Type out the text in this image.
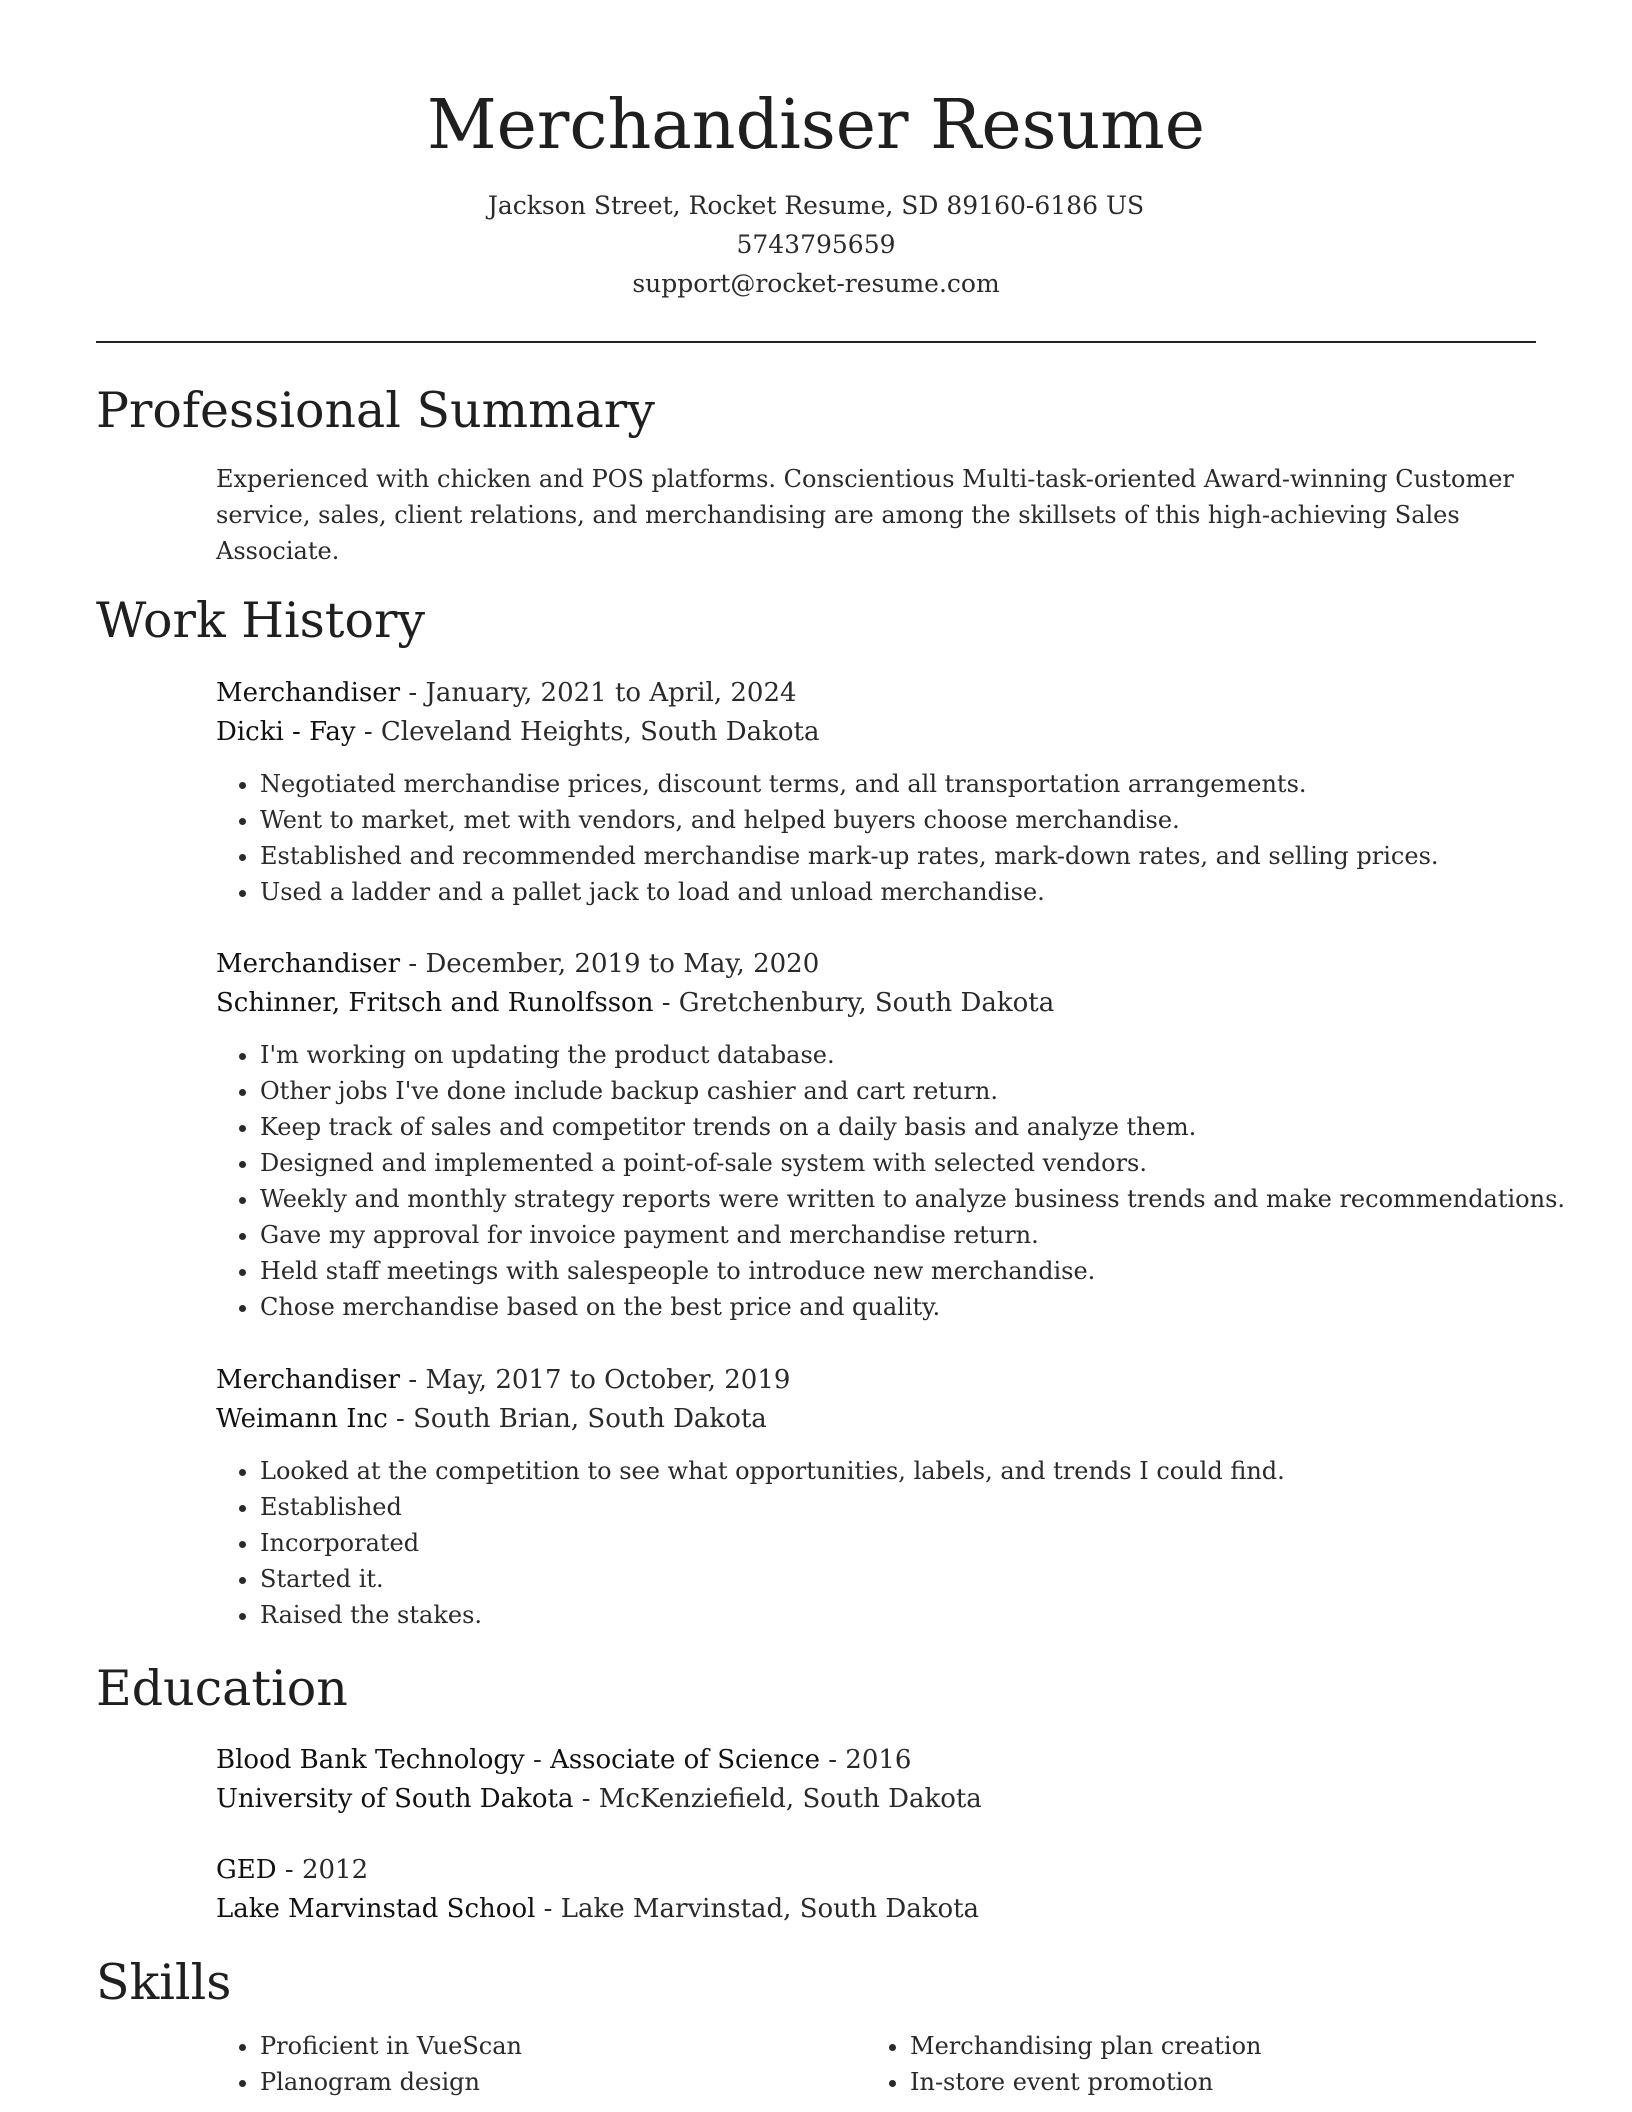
Merchandiser Resume
Jackson Street, Rocket Resume, SD 89160-6186 US
5743795659
support@rocket-resume.com
Professional Summary

Experienced with chicken and POS platforms. Conscientious Multi-task-oriented Award-winning Customer service, sales, client relations, and merchandising are among the skillsets of this high-achieving Sales Associate.

Work History
Merchandiser - January, 2021 to April, 2024
Dicki - Fay - Cleveland Heights, South Dakota
• Negotiated merchandise prices, discount terms, and all transportation arrangements.
• Went to market, met with vendors, and helped buyers choose merchandise.
• Established and recommended merchandise mark-up rates, mark-down rates, and selling prices.
• Used a ladder and a pallet jack to load and unload merchandise.
Merchandiser - December, 2019 to May, 2020
Schinner, Fritsch and Runolfsson - Gretchenbury, South Dakota
• I'm working on updating the product database.
• Other jobs I've done include backup cashier and cart return.
• Keep track of sales and competitor trends on a daily basis and analyze them.
• Designed and implemented a point-of-sale system with selected vendors.
• Weekly and monthly strategy reports were written to analyze business trends and make recommendations.
• Gave my approval for invoice payment and merchandise return.
• Held staff meetings with salespeople to introduce new merchandise.
• Chose merchandise based on the best price and quality.
Merchandiser - May, 2017 to October, 2019
Weimann Inc - South Brian, South Dakota
• Looked at the competition to see what opportunities, labels, and trends I could find.
• Established
• Incorporated
• Started it.
• Raised the stakes.
Education
Blood Bank Technology - Associate of Science - 2016
University of South Dakota - McKenziefield, South Dakota
GED - 2012
Lake Marvinstad School - Lake Marvinstad, South Dakota
Skills
• Proficient in VueScan
• Planogram design
• Merchandising plan creation
• In-store event promotion
